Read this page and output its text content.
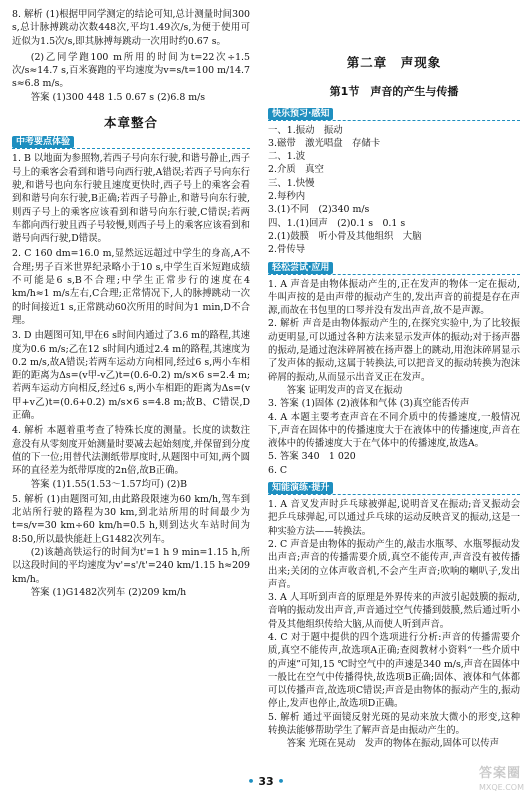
8. 解析 (1)根据甲同学测定的结论可知,总计测量时间300 s,总计脉搏跳动次数448次,平均1.49次/s,为便于使用可近似为1.5次/s,即其脉搏每跳动一次用时约0.67 s。

(2)乙同学跑100 m所用的时间为t=22次÷1.5次/s≈14.7 s,百米赛跑的平均速度为v=s/t=100 m/14.7 s≈6.8 m/s。

答案 (1)300 448 1.5 0.67 s (2)6.8 m/s

本章整合
中考要点体验

1. B 以地面为参照物,若西子号向东行驶,和谐号静止,西子号上的乘客会看到和谐号向西行驶,A错误;若西子号向东行驶,和谐号也向东行驶且速度更快时,西子号上的乘客会看到和谐号向东行驶,B正确;若西子号静止,和谐号向东行驶,则西子号上的乘客应该看到和谐号向东行驶,C错误;若两车都向西行驶且西子号较慢,则西子号上的乘客应该看到和谐号向西行驶,D错误。

2. C 160 dm=16.0 m,显然远远超过中学生的身高,A不合理;男子百米世界纪录略小于10 s,中学生百米短跑成绩不可能是6 s,B不合理;中学生正常步行的速度在4 km/h≈1 m/s左右,C合理;正常情况下,人的脉搏跳动一次的时间接近1 s,正常跳动60次所用的时间为1 min,D不合理。

3. D 由题图可知,甲在6 s时间内通过了3.6 m的路程,其速度为0.6 m/s;乙在12 s时间内通过2.4 m的路程,其速度为0.2 m/s,故A错误;若两车运动方向相同,经过6 s,两小车相距的距离为Δs=(v甲-v乙)t=(0.6-0.2) m/s×6 s=2.4 m;若两车运动方向相反,经过6 s,两小车相距的距离为Δs=(v甲+v乙)t=(0.6+0.2) m/s×6 s=4.8 m;故B、C错误,D正确。

4. 解析 本题着重考查了特殊长度的测量。长度的读数注意没有从零刻度开始测量时要减去起始刻度,并保留到分度值的下一位;用替代法测纸带厚度时,从题图中可知,两个圆环的直径差为纸带厚度的2n倍,故B正确。

答案 (1)1.55(1.53～1.57均可) (2)B

5. 解析 (1)由题图可知,由此路段限速为60 km/h,驾车到北站所行驶的路程为30 km,到北站所用的时间最少为t=s/v=30 km÷60 km/h=0.5 h,则到达火车站时间为8:50,所以最快能赶上G1482次列车。

(2)该趟高铁运行的时间为t'=1 h 9 min=1.15 h,所以这段时间的平均速度为v'=s'/t'=240 km/1.15 h≈209 km/h。

答案 (1)G1482次列车 (2)209 km/h

第二章　声现象
第1节　声音的产生与传播
快乐预习·感知

一、1.振动　振动

3.磁带　激光唱盘　存储卡

二、1.波

2.介质　真空

三、1.快慢

2.每秒内

3.(1)不同　(2)340 m/s

四、1.(1)回声　(2)0.1 s　0.1 s

2.(1)鼓膜　听小骨及其他组织　大脑

2.骨传导

轻松尝试·应用

1. A 声音是由物体振动产生的,正在发声的物体一定在振动,牛叫声按的是由声带的振动产生的,发出声音的前提是存在声源,而故在书包里的口琴并没有发出声音,故不是声源。

2. 解析 声音是由物体振动产生的,在探究实验中,为了比较振动更明显,可以通过各种方法来显示发声体的振动;对于扬声器的振动,是通过泡沫碎屑被在扬声器上的跳动,用泡沫碎屑显示了发声体的振动,这属于转换法,可以把音叉的振动转换为泡沫碎屑的振动,从而显示出音叉正在发声。

答案 证明发声的音叉在振动

3. 答案 (1)固体 (2)液体和气体 (3)真空能否传声

4. A 本题主要考查声音在不同介质中的传播速度,一般情况下,声音在固体中的传播速度大于在液体中的传播速度,声音在液体中的传播速度大于在气体中的传播速度,故选A。

5. 答案 340　1 020

6. C

知能演练·提升

1. A 音叉发声时乒乓球被弹起,说明音叉在振动;音叉振动会把乒乓球弹起,可以通过乒乓球的运动反映音叉的振动,这是一种实验方法——转换法。

2. C 声音是由物体的振动产生的,敲击水瓶琴、水瓶琴振动发出声音;声音的传播需要介质,真空不能传声,声音没有被传播出来;关闭的立体声收音机,不会产生声音;吹响的喇叭子,发出声音。

3. A 人耳听到声音的原理是外界传来的声波引起鼓膜的振动,音响的振动发出声音,声音通过空气传播到鼓膜,然后通过听小骨及其他组织传给大脑,从而使人听到声音。

4. C 对于题中提供的四个选项进行分析:声音的传播需要介质,真空不能传声,故选项A正确;查阅教材小资料“一些介质中的声速”可知,15 ℃时空气中的声速是340 m/s,声音在固体中一般比在空气中传播得快,故选项B正确;固体、液体和气体都可以传播声音,故选项C错误;声音是由物体的振动产生的,振动停止,发声也停止,故选项D正确。

5. 解析 通过平面镜反射光斑的晃动来放大微小的形变,这种转换法能够帮助学生了解声音是由振动产生的。

答案 光斑在晃动　发声的物体在振动,固体可以传声

• 33 •
答案圈
MXQE.COM
